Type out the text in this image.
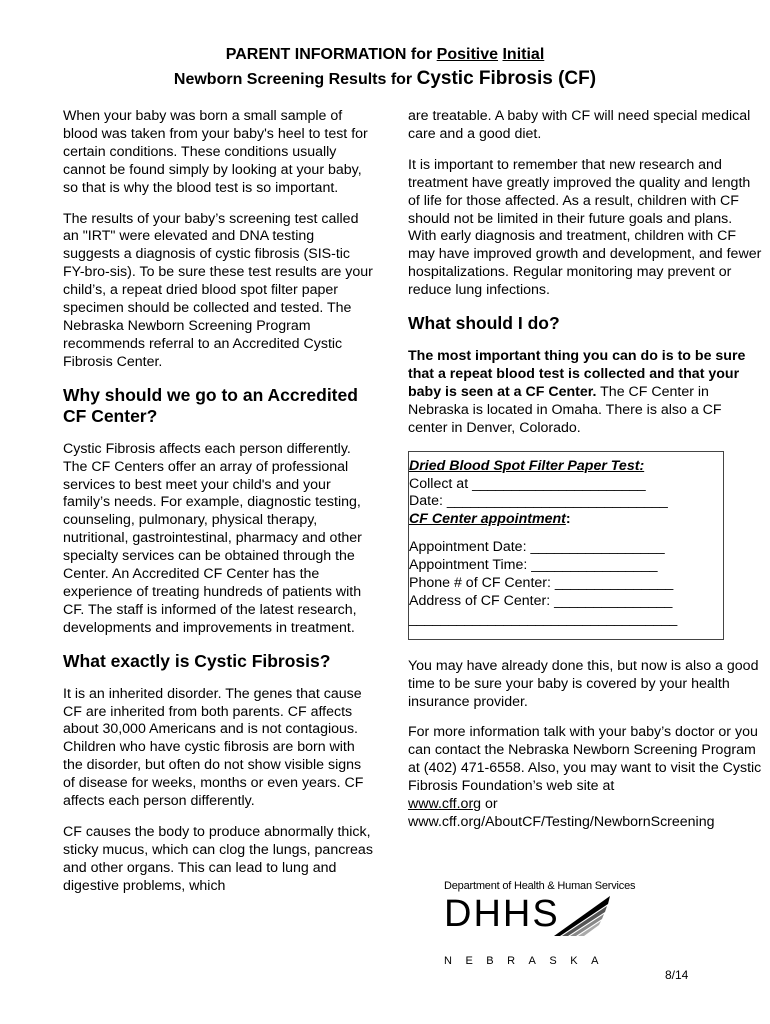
PARENT INFORMATION for Positive Initial
Newborn Screening Results for Cystic Fibrosis (CF)

When your baby was born a small sample of blood was taken from your baby's heel to test for certain conditions. These conditions usually cannot be found simply by looking at your baby, so that is why the blood test is so important.

The results of your baby’s screening test called an "IRT" were elevated and DNA testing suggests a diagnosis of cystic fibrosis (SIS-tic FY-bro-sis). To be sure these test results are your child’s, a repeat dried blood spot filter paper specimen should be collected and tested. The Nebraska Newborn Screening Program recommends referral to an Accredited Cystic Fibrosis Center.

Why should we go to an Accredited CF Center?

Cystic Fibrosis affects each person differently. The CF Centers offer an array of professional services to best meet your child's and your family’s needs. For example, diagnostic testing, counseling, pulmonary, physical therapy, nutritional, gastrointestinal, pharmacy and other specialty services can be obtained through the Center. An Accredited CF Center has the experience of treating hundreds of patients with CF. The staff is informed of the latest research, developments and improvements in treatment.

What exactly is Cystic Fibrosis?

It is an inherited disorder. The genes that cause CF are inherited from both parents. CF affects about 30,000 Americans and is not contagious. Children who have cystic fibrosis are born with the disorder, but often do not show visible signs of disease for weeks, months or even years. CF affects each person differently.

CF causes the body to produce abnormally thick, sticky mucus, which can clog the lungs, pancreas and other organs. This can lead to lung and digestive problems, which

are treatable. A baby with CF will need special medical care and a good diet.

It is important to remember that new research and treatment have greatly improved the quality and length of life for those affected. As a result, children with CF should not be limited in their future goals and plans. With early diagnosis and treatment, children with CF may have improved growth and development, and fewer hospitalizations. Regular monitoring may prevent or reduce lung infections.

What should I do?

The most important thing you can do is to be sure that a repeat blood test is collected and that your baby is seen at a CF Center. The CF Center in Nebraska is located in Omaha. There is also a CF center in Denver, Colorado.

Dried Blood Spot Filter Paper Test:
Collect at ______________________
Date: ____________________________
CF Center appointment:
Appointment Date: _________________
Appointment Time: ________________
Phone # of CF Center: _______________
Address of CF Center: _______________
__________________________________

You may have already done this, but now is also a good time to be sure your baby is covered by your health insurance provider.

For more information talk with your baby’s doctor or you can contact the Nebraska Newborn Screening Program at (402) 471-6558. Also, you may want to visit the Cystic Fibrosis Foundation’s web site at
www.cff.org or
www.cff.org/AboutCF/Testing/NewbornScreening

Department of Health & Human Services
DHHS
NEBRASKA
8/14
